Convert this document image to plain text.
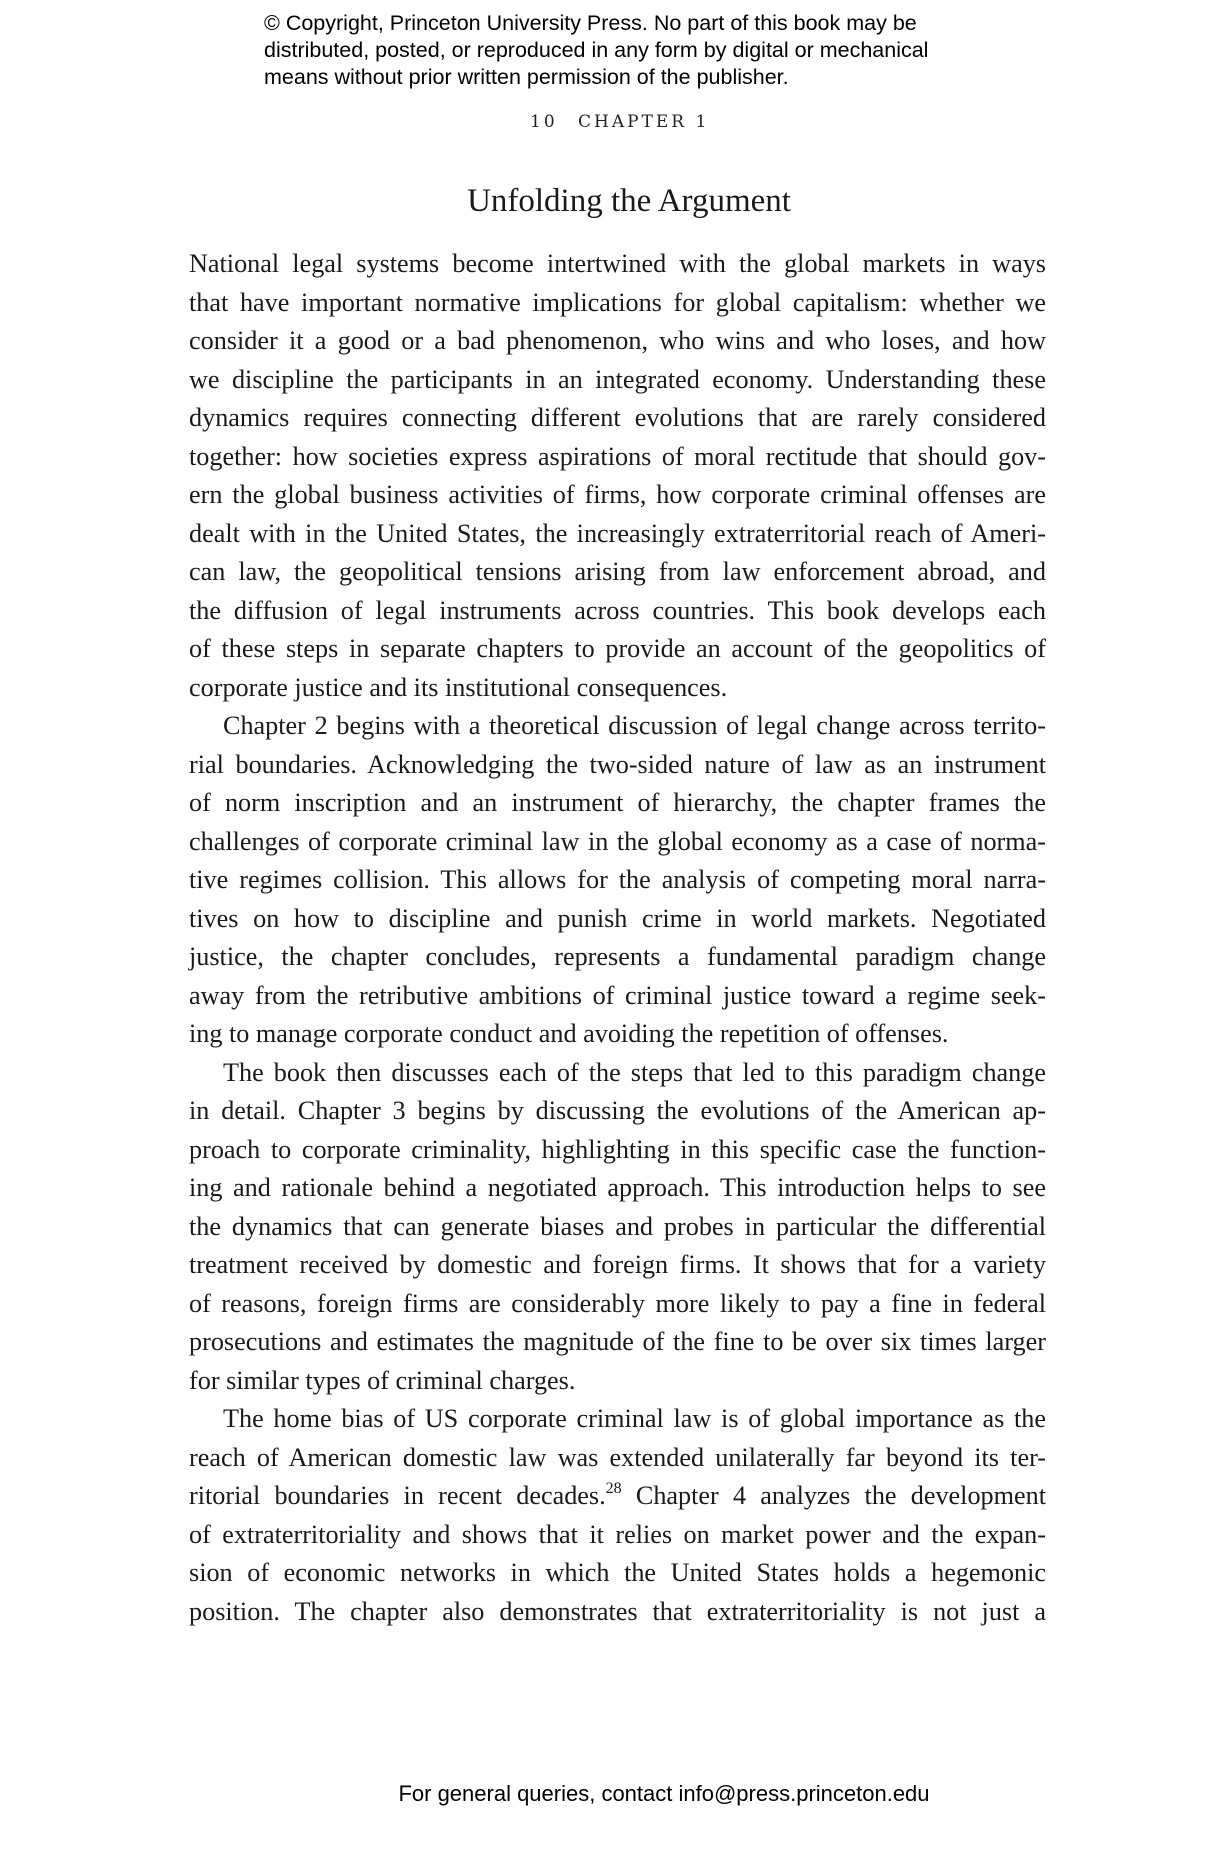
© Copyright, Princeton University Press. No part of this book may be
distributed, posted, or reproduced in any form by digital or mechanical
means without prior written permission of the publisher.
10 CHAPTER 1
Unfolding the Argument
National legal systems become intertwined with the global markets in ways
that have important normative implications for global capitalism: whether we
consider it a good or a bad phenomenon, who wins and who loses, and how
we discipline the participants in an integrated economy. Understanding these
dynamics requires connecting different evolutions that are rarely considered
together: how societies express aspirations of moral rectitude that should gov-
ern the global business activities of firms, how corporate criminal offenses are
dealt with in the United States, the increasingly extraterritorial reach of Ameri-
can law, the geopolitical tensions arising from law enforcement abroad, and
the diffusion of legal instruments across countries. This book develops each
of these steps in separate chapters to provide an account of the geopolitics of
corporate justice and its institutional consequences.
Chapter 2 begins with a theoretical discussion of legal change across territo-
rial boundaries. Acknowledging the two-sided nature of law as an instrument
of norm inscription and an instrument of hierarchy, the chapter frames the
challenges of corporate criminal law in the global economy as a case of norma-
tive regimes collision. This allows for the analysis of competing moral narra-
tives on how to discipline and punish crime in world markets. Negotiated
justice, the chapter concludes, represents a fundamental paradigm change
away from the retributive ambitions of criminal justice toward a regime seek-
ing to manage corporate conduct and avoiding the repetition of offenses.
The book then discusses each of the steps that led to this paradigm change
in detail. Chapter 3 begins by discussing the evolutions of the American ap-
proach to corporate criminality, highlighting in this specific case the function-
ing and rationale behind a negotiated approach. This introduction helps to see
the dynamics that can generate biases and probes in particular the differential
treatment received by domestic and foreign firms. It shows that for a variety
of reasons, foreign firms are considerably more likely to pay a fine in federal
prosecutions and estimates the magnitude of the fine to be over six times larger
for similar types of criminal charges.
The home bias of US corporate criminal law is of global importance as the
reach of American domestic law was extended unilaterally far beyond its ter-
ritorial boundaries in recent decades.$^{28}$ Chapter 4 analyzes the development
of extraterritoriality and shows that it relies on market power and the expan-
sion of economic networks in which the United States holds a hegemonic
position. The chapter also demonstrates that extraterritoriality is not just a
For general queries, contact info@press.princeton.edu
